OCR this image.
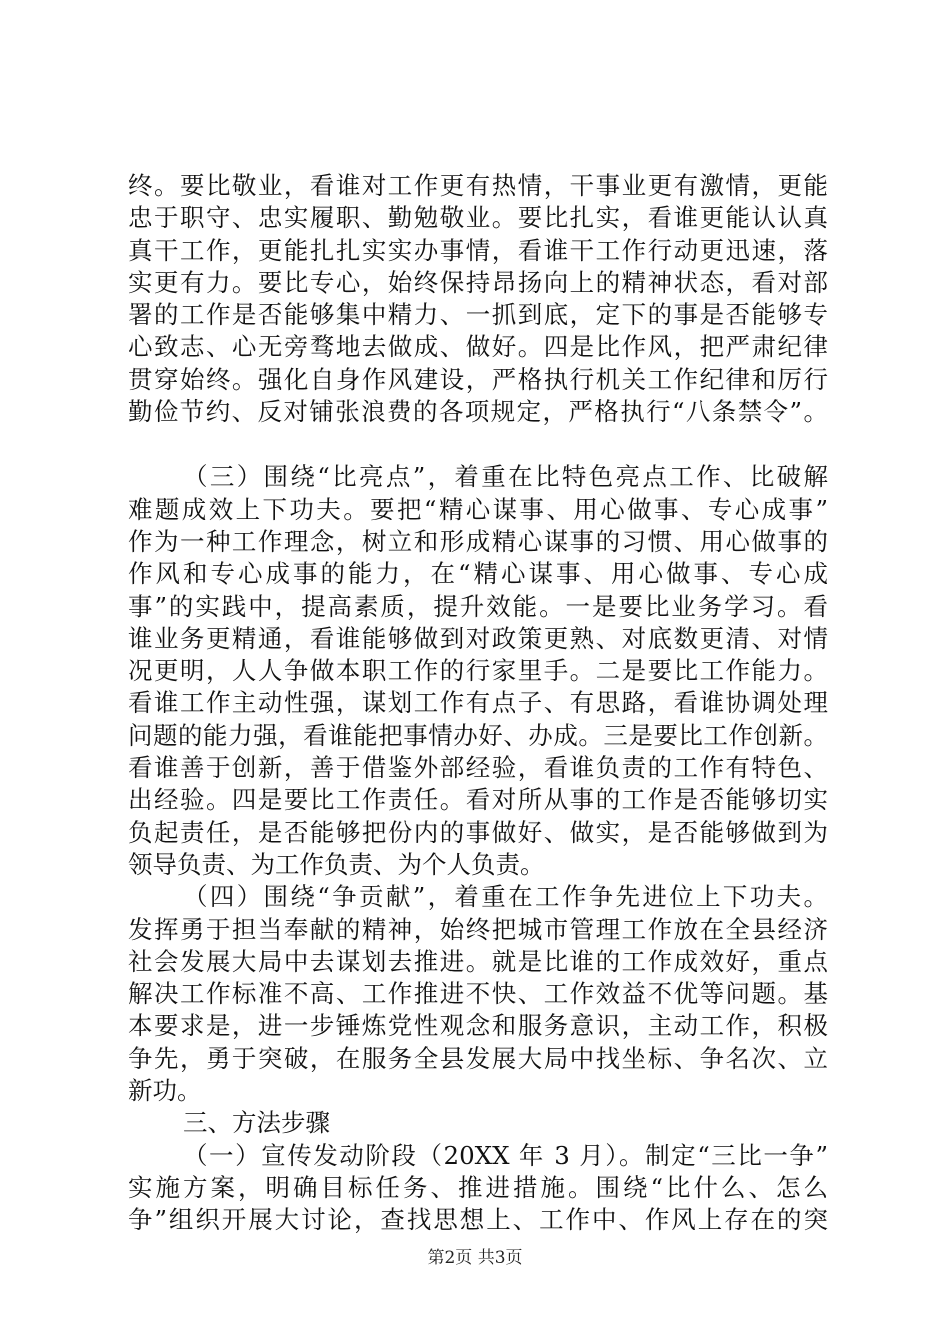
终。要比敬业，看谁对工作更有热情，干事业更有激情，更能
忠于职守、忠实履职、勤勉敬业。要比扎实，看谁更能认认真
真干工作，更能扎扎实实办事情，看谁干工作行动更迅速，落
实更有力。要比专心，始终保持昂扬向上的精神状态，看对部
署的工作是否能够集中精力、一抓到底，定下的事是否能够专
心致志、心无旁骛地去做成、做好。四是比作风，把严肃纪律
贯穿始终。强化自身作风建设，严格执行机关工作纪律和厉行
勤俭节约、反对铺张浪费的各项规定，严格执行“八条禁令”。
（三）围绕“比亮点”，着重在比特色亮点工作、比破解
难题成效上下功夫。要把“精心谋事、用心做事、专心成事”
作为一种工作理念，树立和形成精心谋事的习惯、用心做事的
作风和专心成事的能力，在“精心谋事、用心做事、专心成
事”的实践中，提高素质，提升效能。一是要比业务学习。看
谁业务更精通，看谁能够做到对政策更熟、对底数更清、对情
况更明，人人争做本职工作的行家里手。二是要比工作能力。
看谁工作主动性强，谋划工作有点子、有思路，看谁协调处理
问题的能力强，看谁能把事情办好、办成。三是要比工作创新。
看谁善于创新，善于借鉴外部经验，看谁负责的工作有特色、
出经验。四是要比工作责任。看对所从事的工作是否能够切实
负起责任，是否能够把份内的事做好、做实，是否能够做到为
领导负责、为工作负责、为个人负责。
（四）围绕“争贡献”，着重在工作争先进位上下功夫。
发挥勇于担当奉献的精神，始终把城市管理工作放在全县经济
社会发展大局中去谋划去推进。就是比谁的工作成效好，重点
解决工作标准不高、工作推进不快、工作效益不优等问题。基
本要求是，进一步锤炼党性观念和服务意识，主动工作，积极
争先，勇于突破，在服务全县发展大局中找坐标、争名次、立
新功。
三、方法步骤
（一）宣传发动阶段（20XX 年 3 月）。制定“三比一争”
实施方案，明确目标任务、推进措施。围绕“比什么、怎么
争”组织开展大讨论，查找思想上、工作中、作风上存在的突
第2页 共3页
